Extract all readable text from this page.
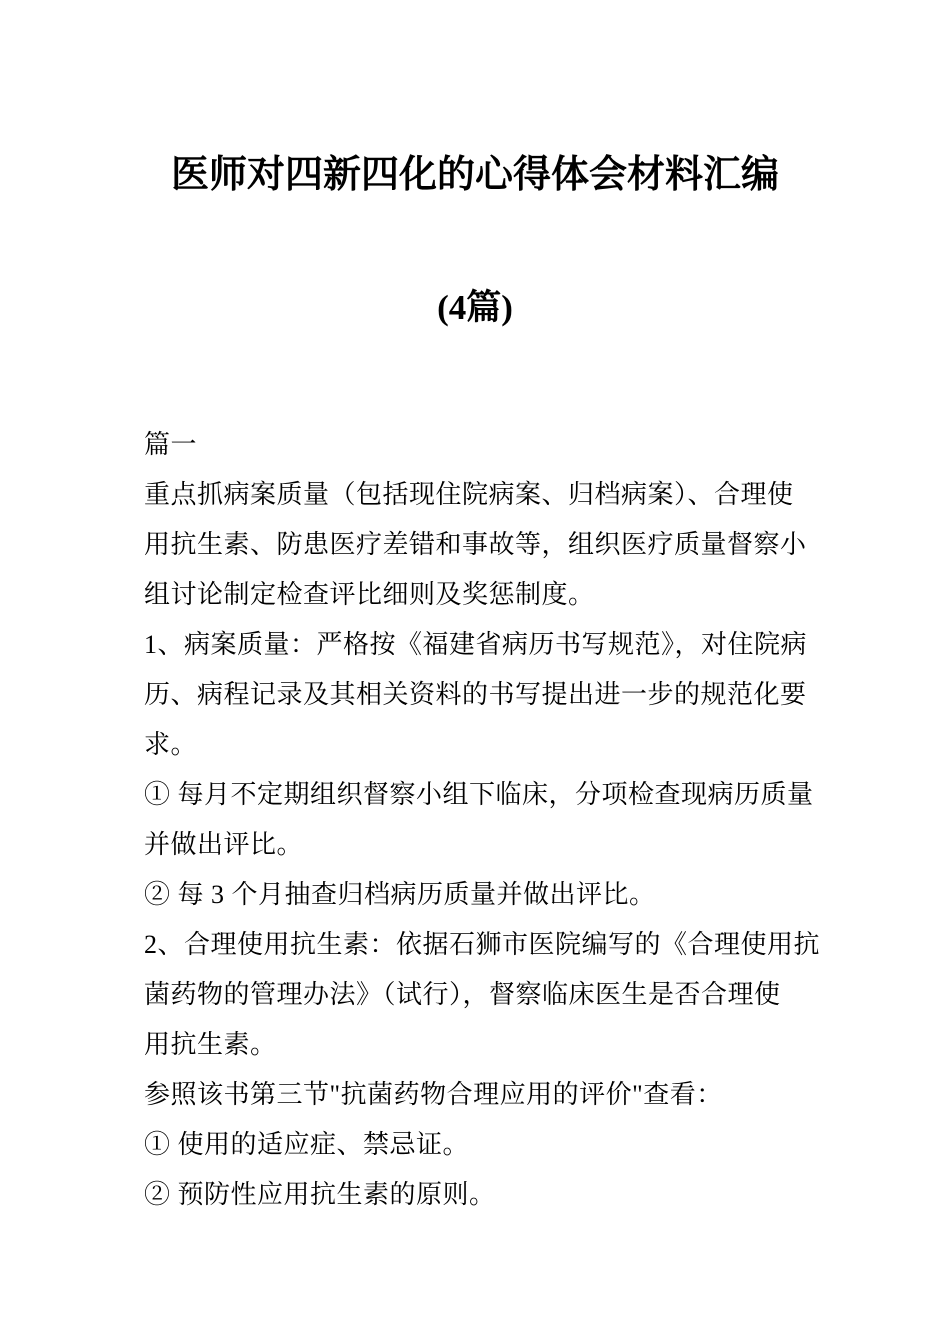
医师对四新四化的心得体会材料汇编
(4篇)
篇一
重点抓病案质量（包括现住院病案、归档病案）、合理使
用抗生素、防患医疗差错和事故等，组织医疗质量督察小
组讨论制定检查评比细则及奖惩制度。
1、病案质量：严格按《福建省病历书写规范》，对住院病
历、病程记录及其相关资料的书写提出进一步的规范化要
求。
① 每月不定期组织督察小组下临床，分项检查现病历质量
并做出评比。
② 每 3 个月抽查归档病历质量并做出评比。
2、合理使用抗生素：依据石狮市医院编写的《合理使用抗
菌药物的管理办法》（试行），督察临床医生是否合理使
用抗生素。
参照该书第三节"抗菌药物合理应用的评价"查看：
① 使用的适应症、禁忌证。
② 预防性应用抗生素的原则。
